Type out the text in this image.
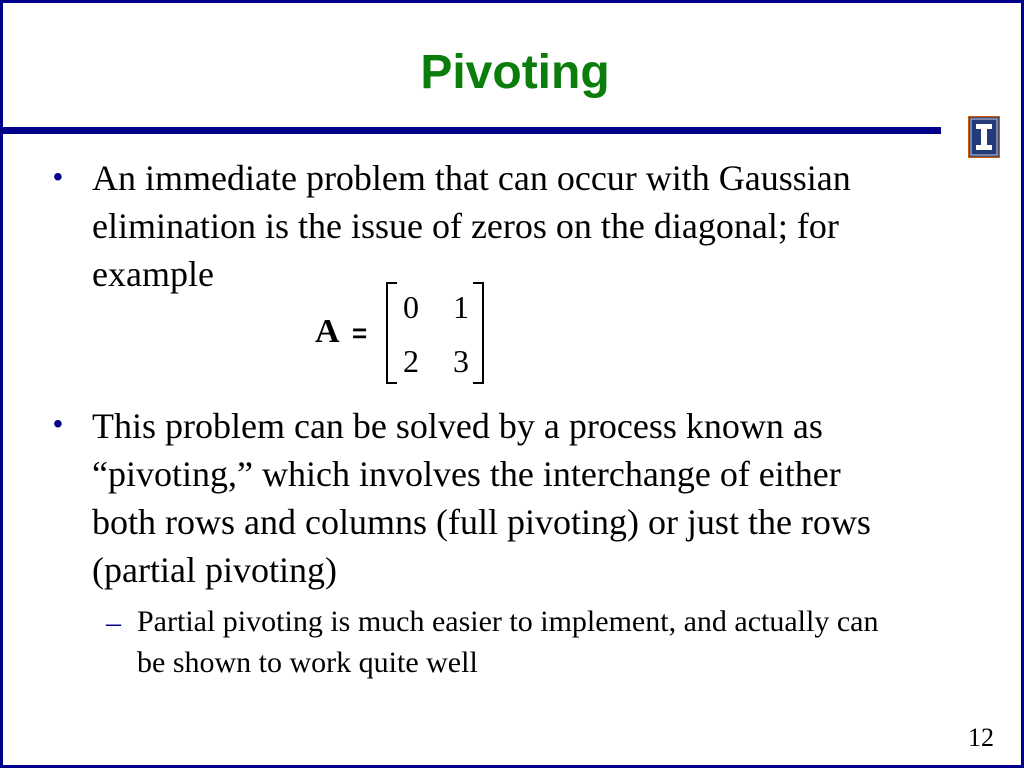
Pivoting
• An immediate problem that can occur with Gaussian
elimination is the issue of zeros on the diagonal; for
example
A =
0 1
2 3
• This problem can be solved by a process known as
“pivoting,” which involves the interchange of either
both rows and columns (full pivoting) or just the rows
(partial pivoting)
– Partial pivoting is much easier to implement, and actually can
be shown to work quite well
12
